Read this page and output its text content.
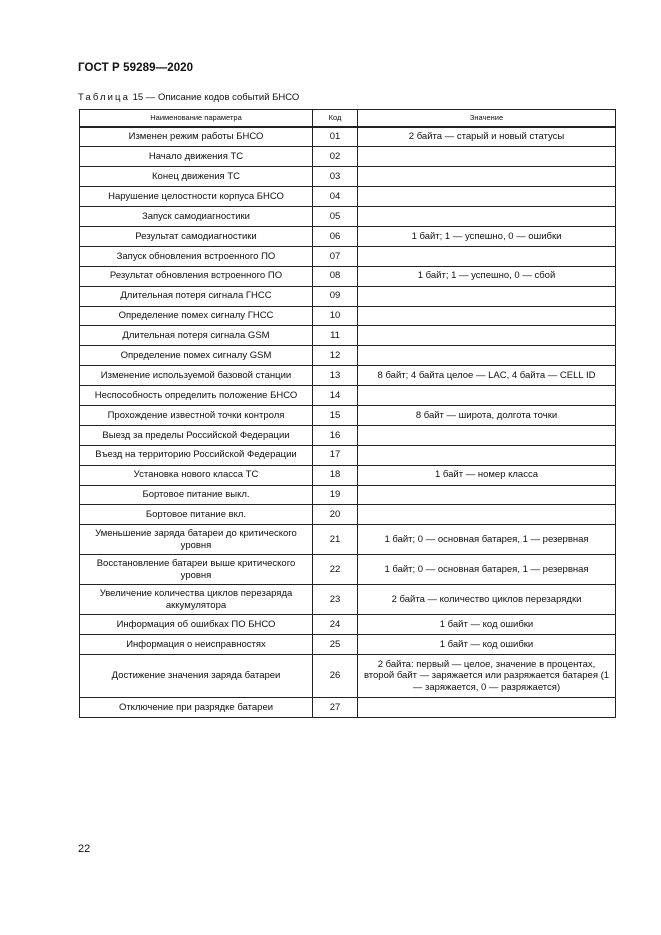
ГОСТ Р 59289—2020
Таблица 15 — Описание кодов событий БНСО
Наименование параметра	Код	Значение
Изменен режим работы БНСО	01	2 байта — старый и новый статусы
Начало движения ТС	02	
Конец движения ТС	03	
Нарушение целостности корпуса БНСО	04	
Запуск самодиагностики	05	
Результат самодиагностики	06	1 байт; 1 — успешно, 0 — ошибки
Запуск обновления встроенного ПО	07	
Результат обновления встроенного ПО	08	1 байт; 1 — успешно, 0 — сбой
Длительная потеря сигнала ГНСС	09	
Определение помех сигналу ГНСС	10	
Длительная потеря сигнала GSM	11	
Определение помех сигналу GSM	12	
Изменение используемой базовой станции	13	8 байт; 4 байта целое — LAC, 4 байта — CELL ID
Неспособность определить положение БНСО	14	
Прохождение известной точки контроля	15	8 байт — широта, долгота точки
Выезд за пределы Российской Федерации	16	
Въезд на территорию Российской Федерации	17	
Установка нового класса ТС	18	1 байт — номер класса
Бортовое питание выкл.	19	
Бортовое питание вкл.	20	
Уменьшение заряда батареи до критического уровня	21	1 байт; 0 — основная батарея, 1 — резервная
Восстановление батареи выше критического уровня	22	1 байт; 0 — основная батарея, 1 — резервная
Увеличение количества циклов перезаряда аккумулятора	23	2 байта — количество циклов перезарядки
Информация об ошибках ПО БНСО	24	1 байт — код ошибки
Информация о неисправностях	25	1 байт — код ошибки
Достижение значения заряда батареи	26	2 байта: первый — целое, значение в процентах, второй байт — заряжается или разряжается батарея (1 — заряжается, 0 — разряжается)
Отключение при разрядке батареи	27	
22
